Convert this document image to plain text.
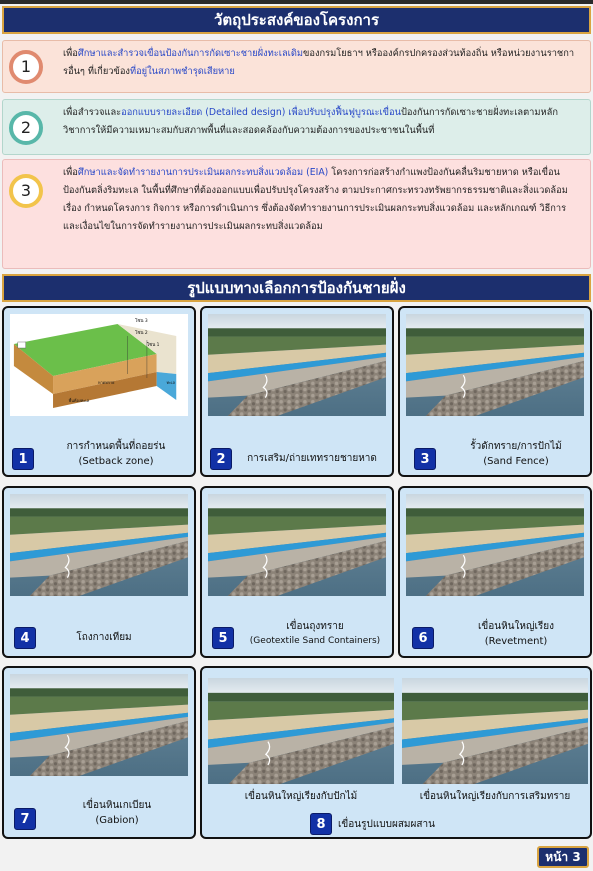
วัตถุประสงค์ของโครงการ
1
เพื่อศึกษาและสำรวจเขื่อนป้องกันการกัดเซาะชายฝั่งทะเลเดิมของกรมโยธาฯ หรือองค์กรปกครองส่วนท้องถิ่น หรือหน่วยงานราชการอื่นๆ ที่เกี่ยวข้องที่อยู่ในสภาพชำรุดเสียหาย
2
เพื่อสำรวจและออกแบบรายละเอียด (Detailed design) เพื่อปรับปรุงฟื้นฟูบูรณะเขื่อนป้องกันการกัดเซาะชายฝั่งทะเลตามหลักวิชาการให้มีความเหมาะสมกับสภาพพื้นที่และสอดคล้องกับความต้องการของประชาชนในพื้นที่
3
เพื่อศึกษาและจัดทำรายงานการประเมินผลกระทบสิ่งแวดล้อม (EIA) โครงการก่อสร้างกำแพงป้องกันคลื่นริมชายหาด หรือเขื่อนป้องกันตลิ่งริมทะเล ในพื้นที่ศึกษาที่ต้องออกแบบเพื่อปรับปรุงโครงสร้าง ตามประกาศกระทรวงทรัพยากรธรรมชาติและสิ่งแวดล้อม เรื่อง กำหนดโครงการ กิจการ หรือการดำเนินการ ซึ่งต้องจัดทำรายงานการประเมินผลกระทบสิ่งแวดล้อม และหลักเกณฑ์ วิธีการ และเงื่อนไขในการจัดทำรายงานการประเมินผลกระทบสิ่งแวดล้อม
รูปแบบทางเลือกการป้องกันชายฝั่ง
โซน 3
โซน 2
โซน 1
หาดทราย
พื้นท้องทะเล
ทะเล
1
การกำหนดพื้นที่ถอยร่น
(Setback zone)	2	การเสริม/ถ่ายเททรายชายหาด	3
รั้วดักทราย/การปักไม้
(Sand Fence)
4	โถงกางเทียม	5
เขื่อนถุงทราย
(Geotextile Sand Containers)	6
เขื่อนหินใหญ่เรียง
(Revetment)
7
เขื่อนหินเกเบียน
(Gabion)
เขื่อนหินใหญ่เรียงกับปักไม้	เขื่อนหินใหญ่เรียงกับการเสริมทราย
8	เขื่อนรูปแบบผสมผสาน
หน้า 3
